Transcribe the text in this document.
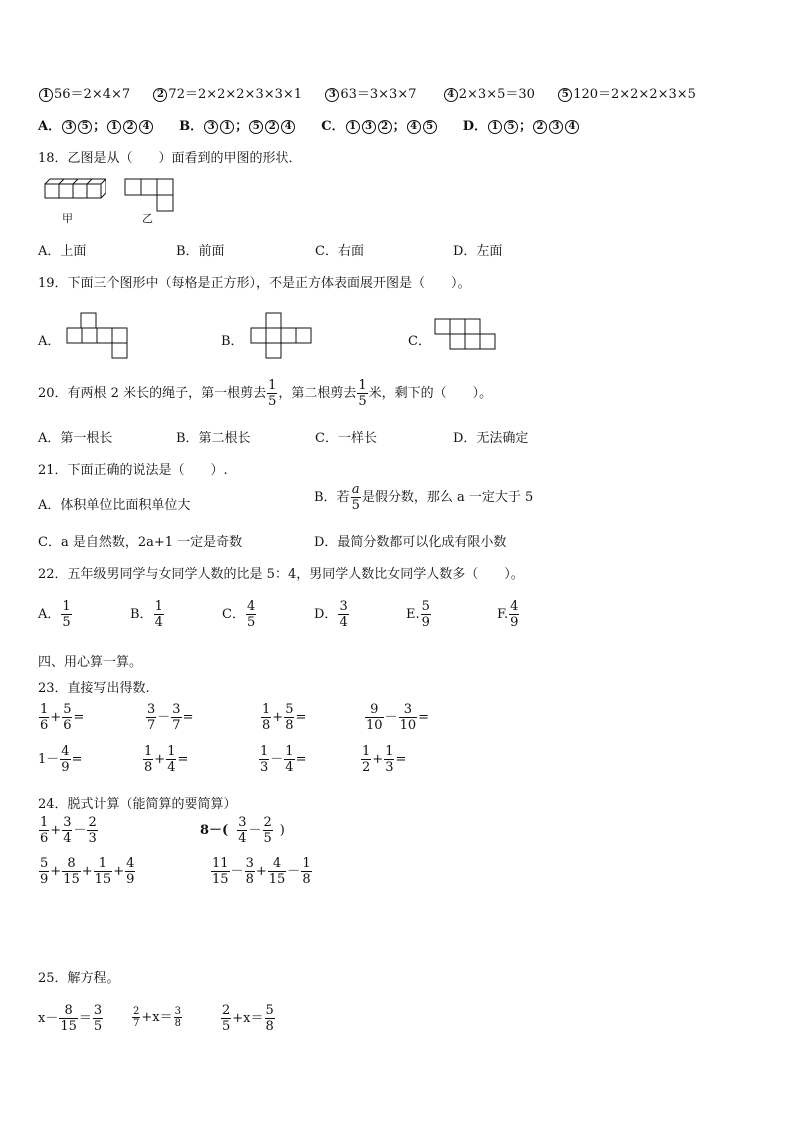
1 56＝2×4×7	2 72＝2×2×2×3×3×1	3 63＝3×3×7	4 2×3×5＝30	5 120＝2×2×2×3×5
A． 3 5 ； 1 2 4 B． 3 1 ； 5 2 4 C． 1 3 2 ； 4 5 D． 1 5 ； 2 3 4
18．乙图是从（　　）面看到的甲图的形状．
甲	乙
A．上面	B．前面	C．右面	D．左面
19．下面三个图形中（每格是正方形），不是正方体表面展开图是（　　）。
A．	B．	C．
20．有两根 2 米长的绳子，第一根剪去 $\frac{1}{5}$ ，第二根剪去 $\frac{1}{5}$ 米，剩下的（　　）。
A．第一根长	B．第二根长	C．一样长	D．无法确定
21．下面正确的说法是（　　）.
A．体积单位比面积单位大
B．若 $\frac{a}{5}$ 是假分数，那么 a 一定大于 5
C．a 是自然数，2a+1 一定是奇数	D．最简分数都可以化成有限小数
22．五年级男同学与女同学人数的比是 5：4，男同学人数比女同学人数多（　　）。
A． $\frac{1}{5}$	B． $\frac{1}{4}$	C． $\frac{4}{5}$	D． $\frac{3}{4}$	E. $\frac{5}{9}$	F. $\frac{4}{9}$
四、用心算一算。
23．直接写出得数.
$\frac{1}{6} + \frac{5}{6}$ =	$\frac{3}{7} - \frac{3}{7}$ =	$\frac{1}{8} + \frac{5}{8}$ =	$\frac{9}{10} - \frac{3}{10}$ =
$1- \frac{4}{9}$ =	$\frac{1}{8} + \frac{1}{4}$ =	$\frac{1}{3} - \frac{1}{4}$ =	$\frac{1}{2} + \frac{1}{3}$ =
24．脱式计算（能简算的要简算）
$\frac{1}{6} + \frac{3}{4} - \frac{2}{3}$	$8-( \frac{3}{4} - \frac{2}{5}$ )
$\frac{5}{9} + \frac{8}{15} + \frac{1}{15} + \frac{4}{9}$	$\frac{11}{15} - \frac{3}{8} + \frac{4}{15} - \frac{1}{8}$
25．解方程。
$x- \frac{8}{15} = \frac{3}{5}$	$\frac{2}{7} +x= \frac{3}{8}$	$\frac{2}{5} +x= \frac{5}{8}$
